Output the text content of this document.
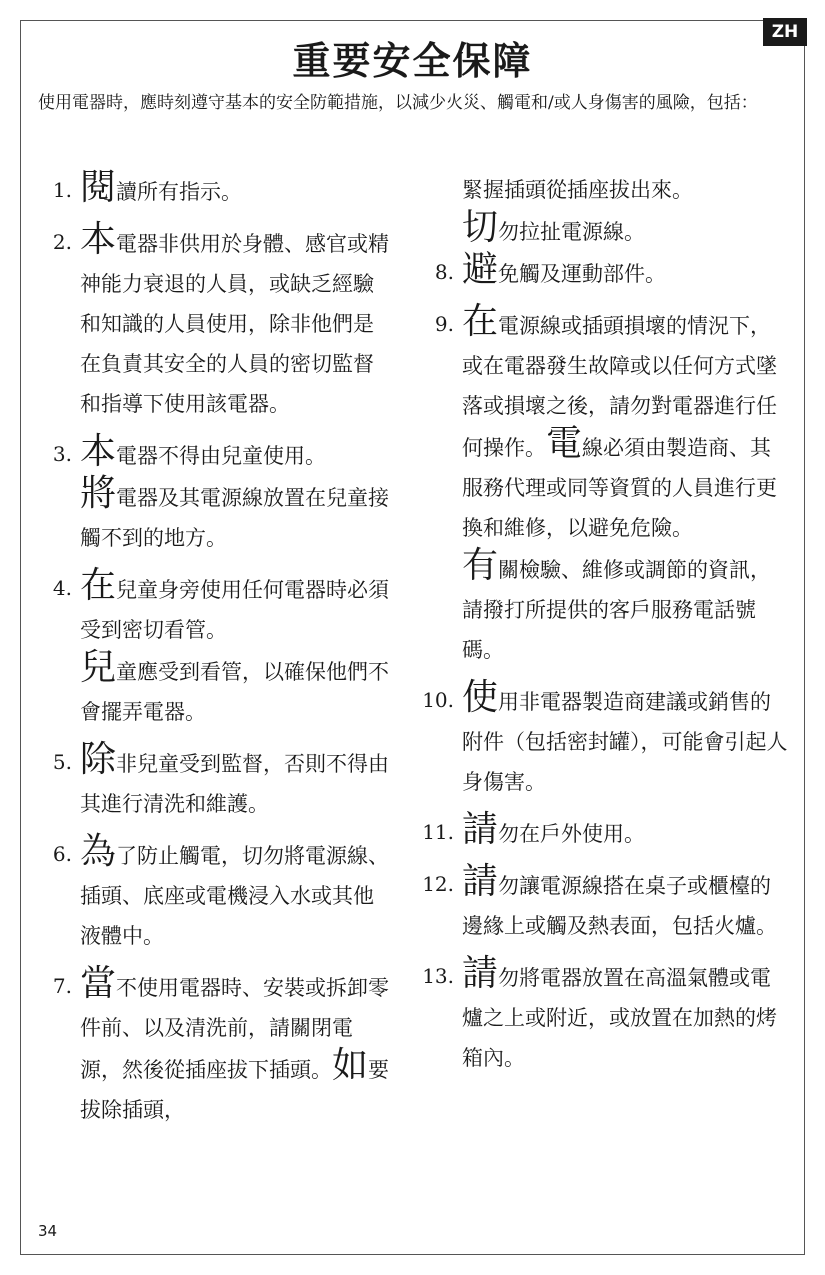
ZH
重要安全保障
使用電器時，應時刻遵守基本的安全防範措施，以減少火災、觸電和/或人身傷害的風險，包括：
1. 閱讀所有指示。

2. 本電器非供用於身體、感官或精神能力衰退的人員，或缺乏經驗和知識的人員使用，除非他們是在負責其安全的人員的密切監督和指導下使用該電器。

3. 本電器不得由兒童使用。

將電器及其電源線放置在兒童接觸不到的地方。

4. 在兒童身旁使用任何電器時必須受到密切看管。

兒童應受到看管，以確保他們不會擺弄電器。

5. 除非兒童受到監督，否則不得由其進行清洗和維護。

6. 為了防止觸電，切勿將電源線、插頭、底座或電機浸入水或其他液體中。

7. 當不使用電器時、安裝或拆卸零件前、以及清洗前，請關閉電源，然後從插座拔下插頭。如要拔除插頭，

緊握插頭從插座拔出來。

切勿拉扯電源線。

8. 避免觸及運動部件。

9. 在電源線或插頭損壞的情況下，或在電器發生故障或以任何方式墜落或損壞之後，請勿對電器進行任何操作。電線必須由製造商、其服務代理或同等資質的人員進行更換和維修，以避免危險。

有關檢驗、維修或調節的資訊，請撥打所提供的客戶服務電話號碼。

10. 使用非電器製造商建議或銷售的附件（包括密封罐），可能會引起人身傷害。

11. 請勿在戶外使用。

12. 請勿讓電源線搭在桌子或櫃檯的邊緣上或觸及熱表面，包括火爐。

13. 請勿將電器放置在高溫氣體或電爐之上或附近，或放置在加熱的烤箱內。

34
